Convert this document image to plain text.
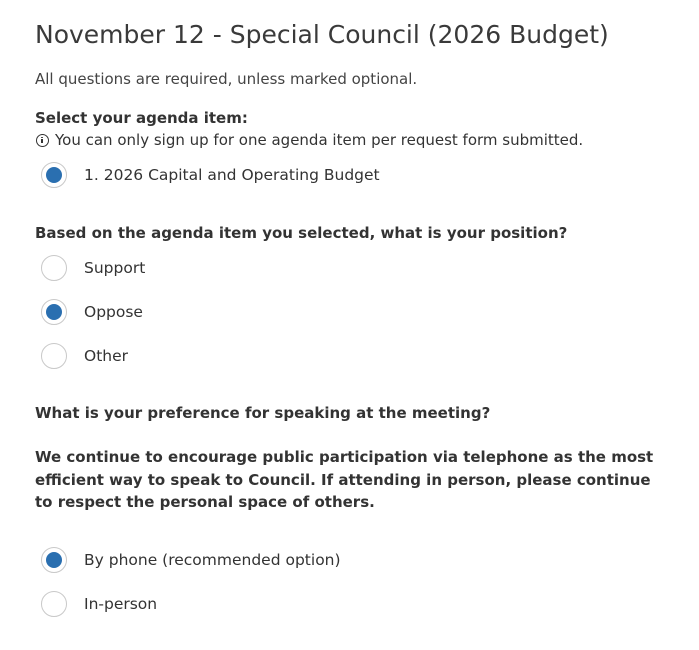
November 12 - Special Council (2026 Budget)
All questions are required, unless marked optional.
Select your agenda item:
You can only sign up for one agenda item per request form submitted.
1. 2026 Capital and Operating Budget
Based on the agenda item you selected, what is your position?
Support
Oppose
Other
What is your preference for speaking at the meeting?
We continue to encourage public participation via telephone as the most efficient way to speak to Council. If attending in person, please continue to respect the personal space of others.
By phone (recommended option)
In-person
